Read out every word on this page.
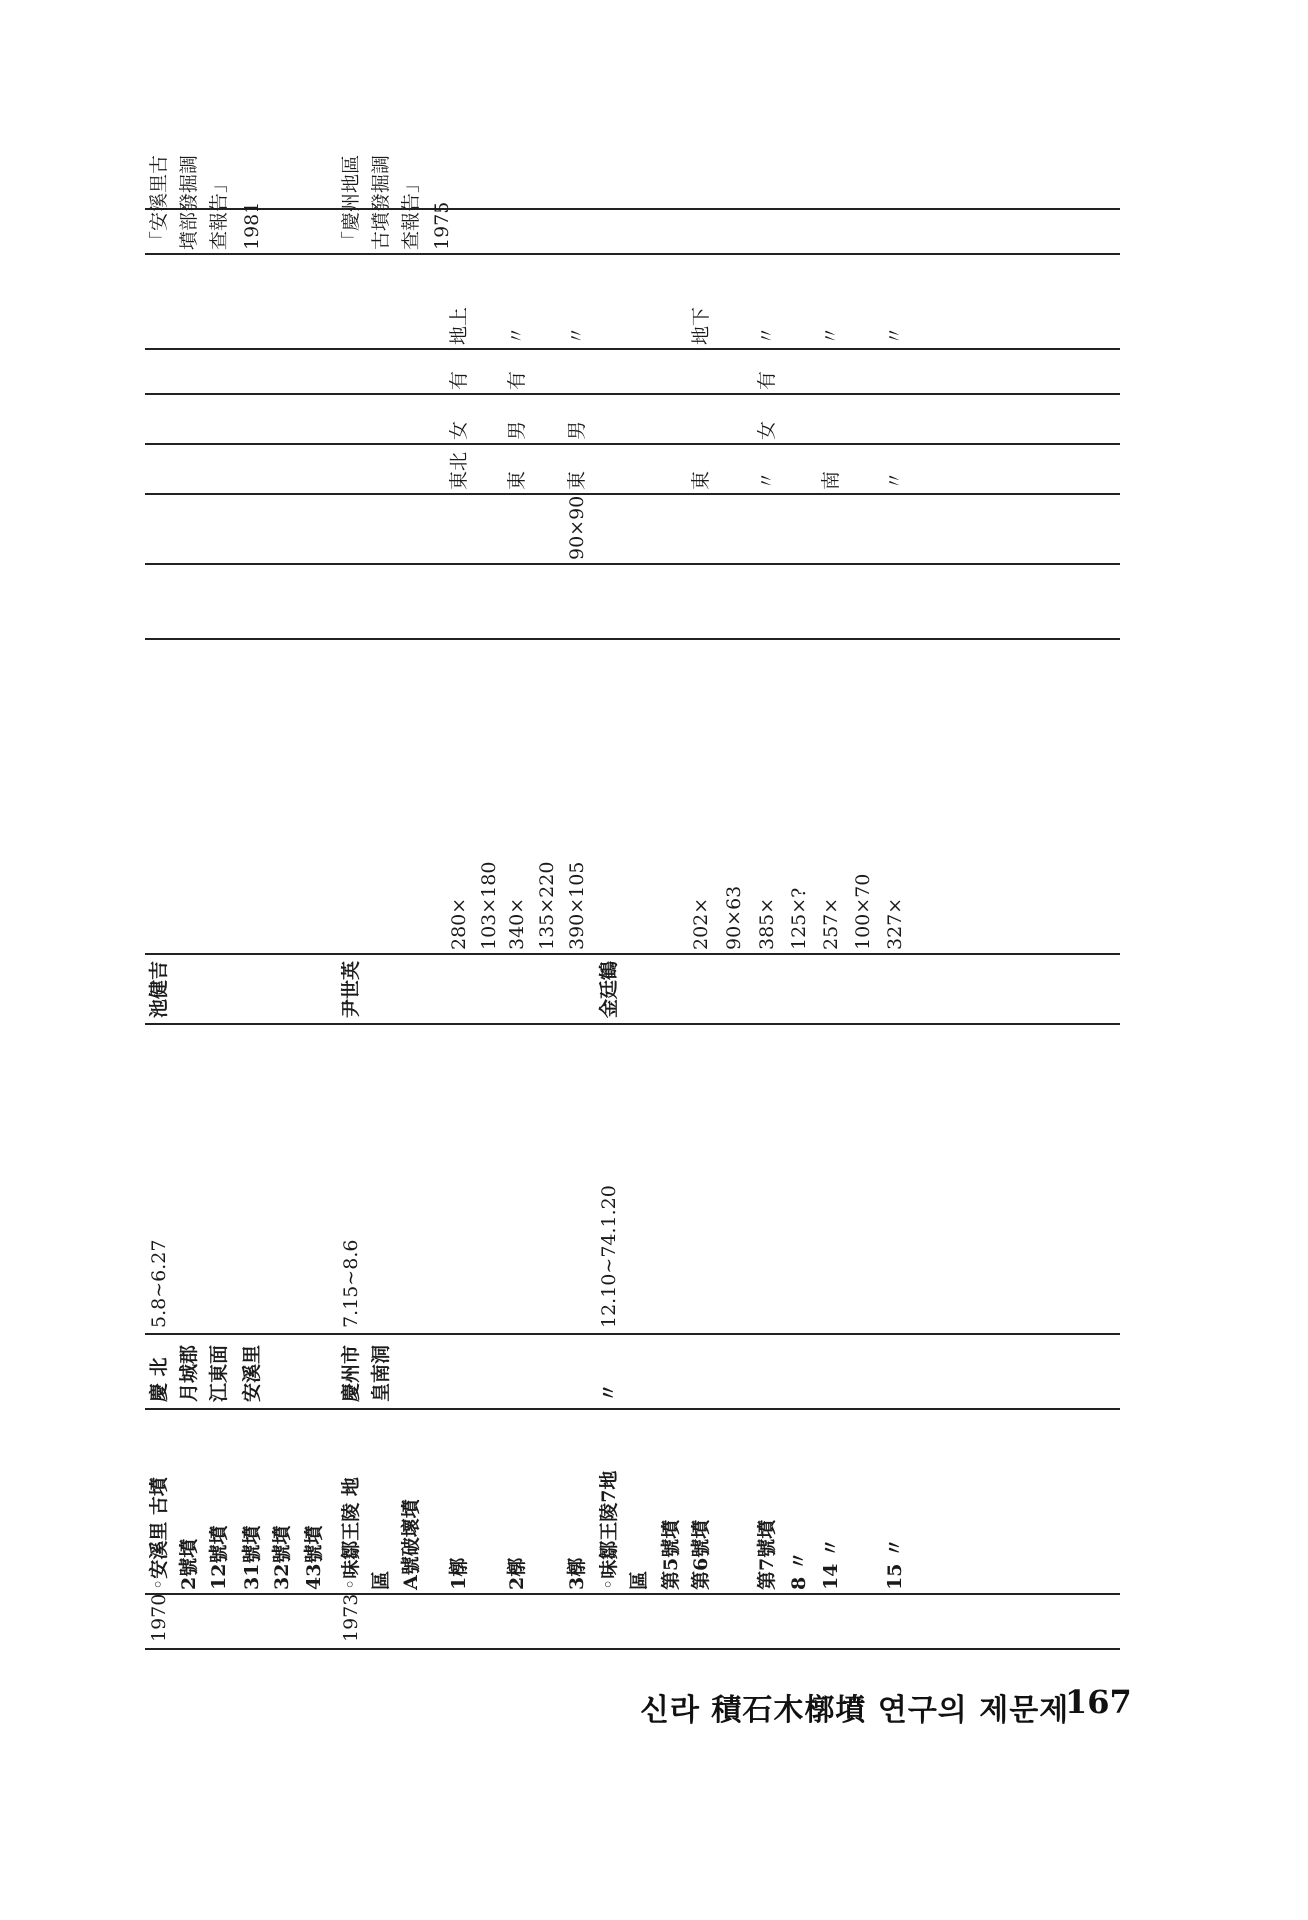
1970
◦安溪里 古墳
慶 北
5.8∼6.27
池健吉
「安溪里古
2號墳
月城郡
墳部發掘調
12號墳
江東面
查報告」
31號墳
安溪里
1981
32號墳 43號墳
1973
◦味鄒王陵 地
慶州市
7.15∼8.6
尹世英
「慶州地區
區
皇南洞
古墳發掘調
A號破壞墳
查報告」 1975
1槨
280×
東北
女
有
地上
103×180
2槨
340×
東
男
有
〃
135×220
3槨
390×105
90×90
東
男
〃
◦味鄒王陵7地
〃
12.10∼74.1.20
金廷鶴
區 第5號墳 第6號墳
202×
東
地下
90×63
第7號墳
385×
〃
女
有
〃
8 〃
125×?
14 〃
257×
南
〃
100×70
15 〃
327×
〃
〃
신라 積石木槨墳 연구의 제문제
167
